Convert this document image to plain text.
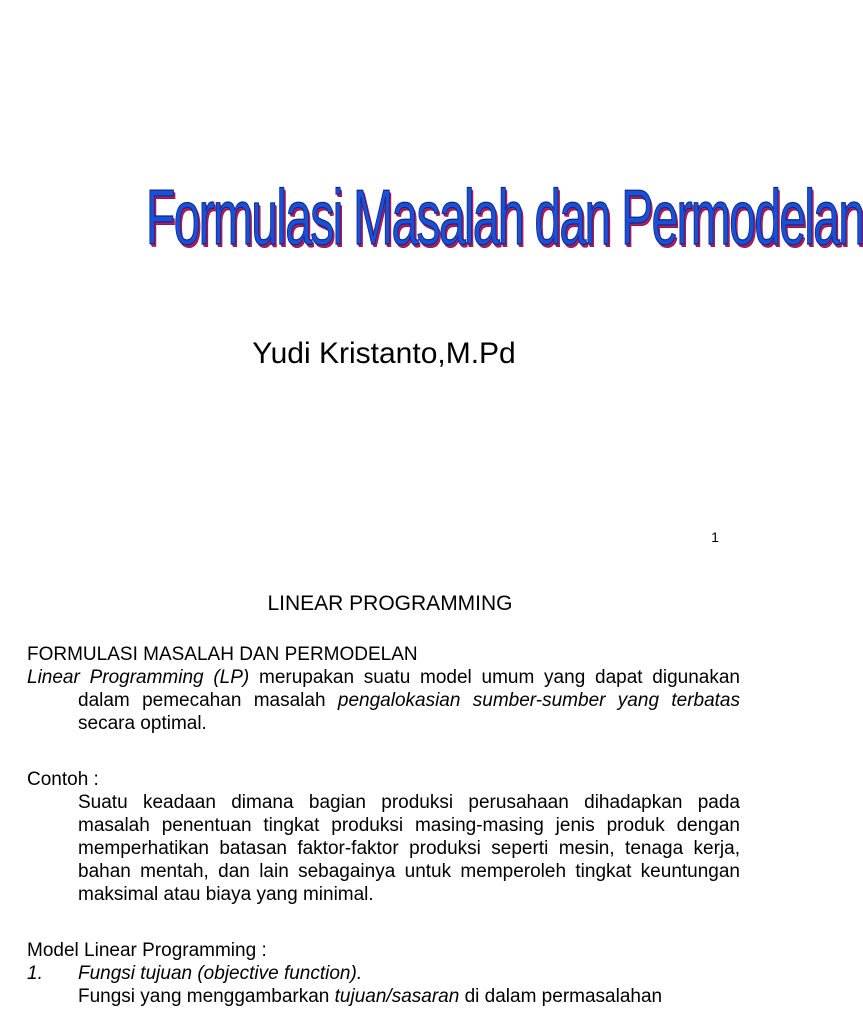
Formulasi Masalah dan Permodelan

Yudi Kristanto,M.Pd

1
LINEAR PROGRAMMING

FORMULASI MASALAH DAN PERMODELAN

Linear Programming (LP) merupakan suatu model umum yang dapat digunakan dalam pemecahan masalah pengalokasian sumber-sumber yang terbatas secara optimal.

Contoh :

Suatu keadaan dimana bagian produksi perusahaan dihadapkan pada masalah penentuan tingkat produksi masing-masing jenis produk dengan memperhatikan batasan faktor-faktor produksi seperti mesin, tenaga kerja, bahan mentah, dan lain sebagainya untuk memperoleh tingkat keuntungan maksimal atau biaya yang minimal.

Model Linear Programming :

1.	Fungsi tujuan (objective function).

Fungsi yang menggambarkan tujuan/sasaran di dalam permasalahan
